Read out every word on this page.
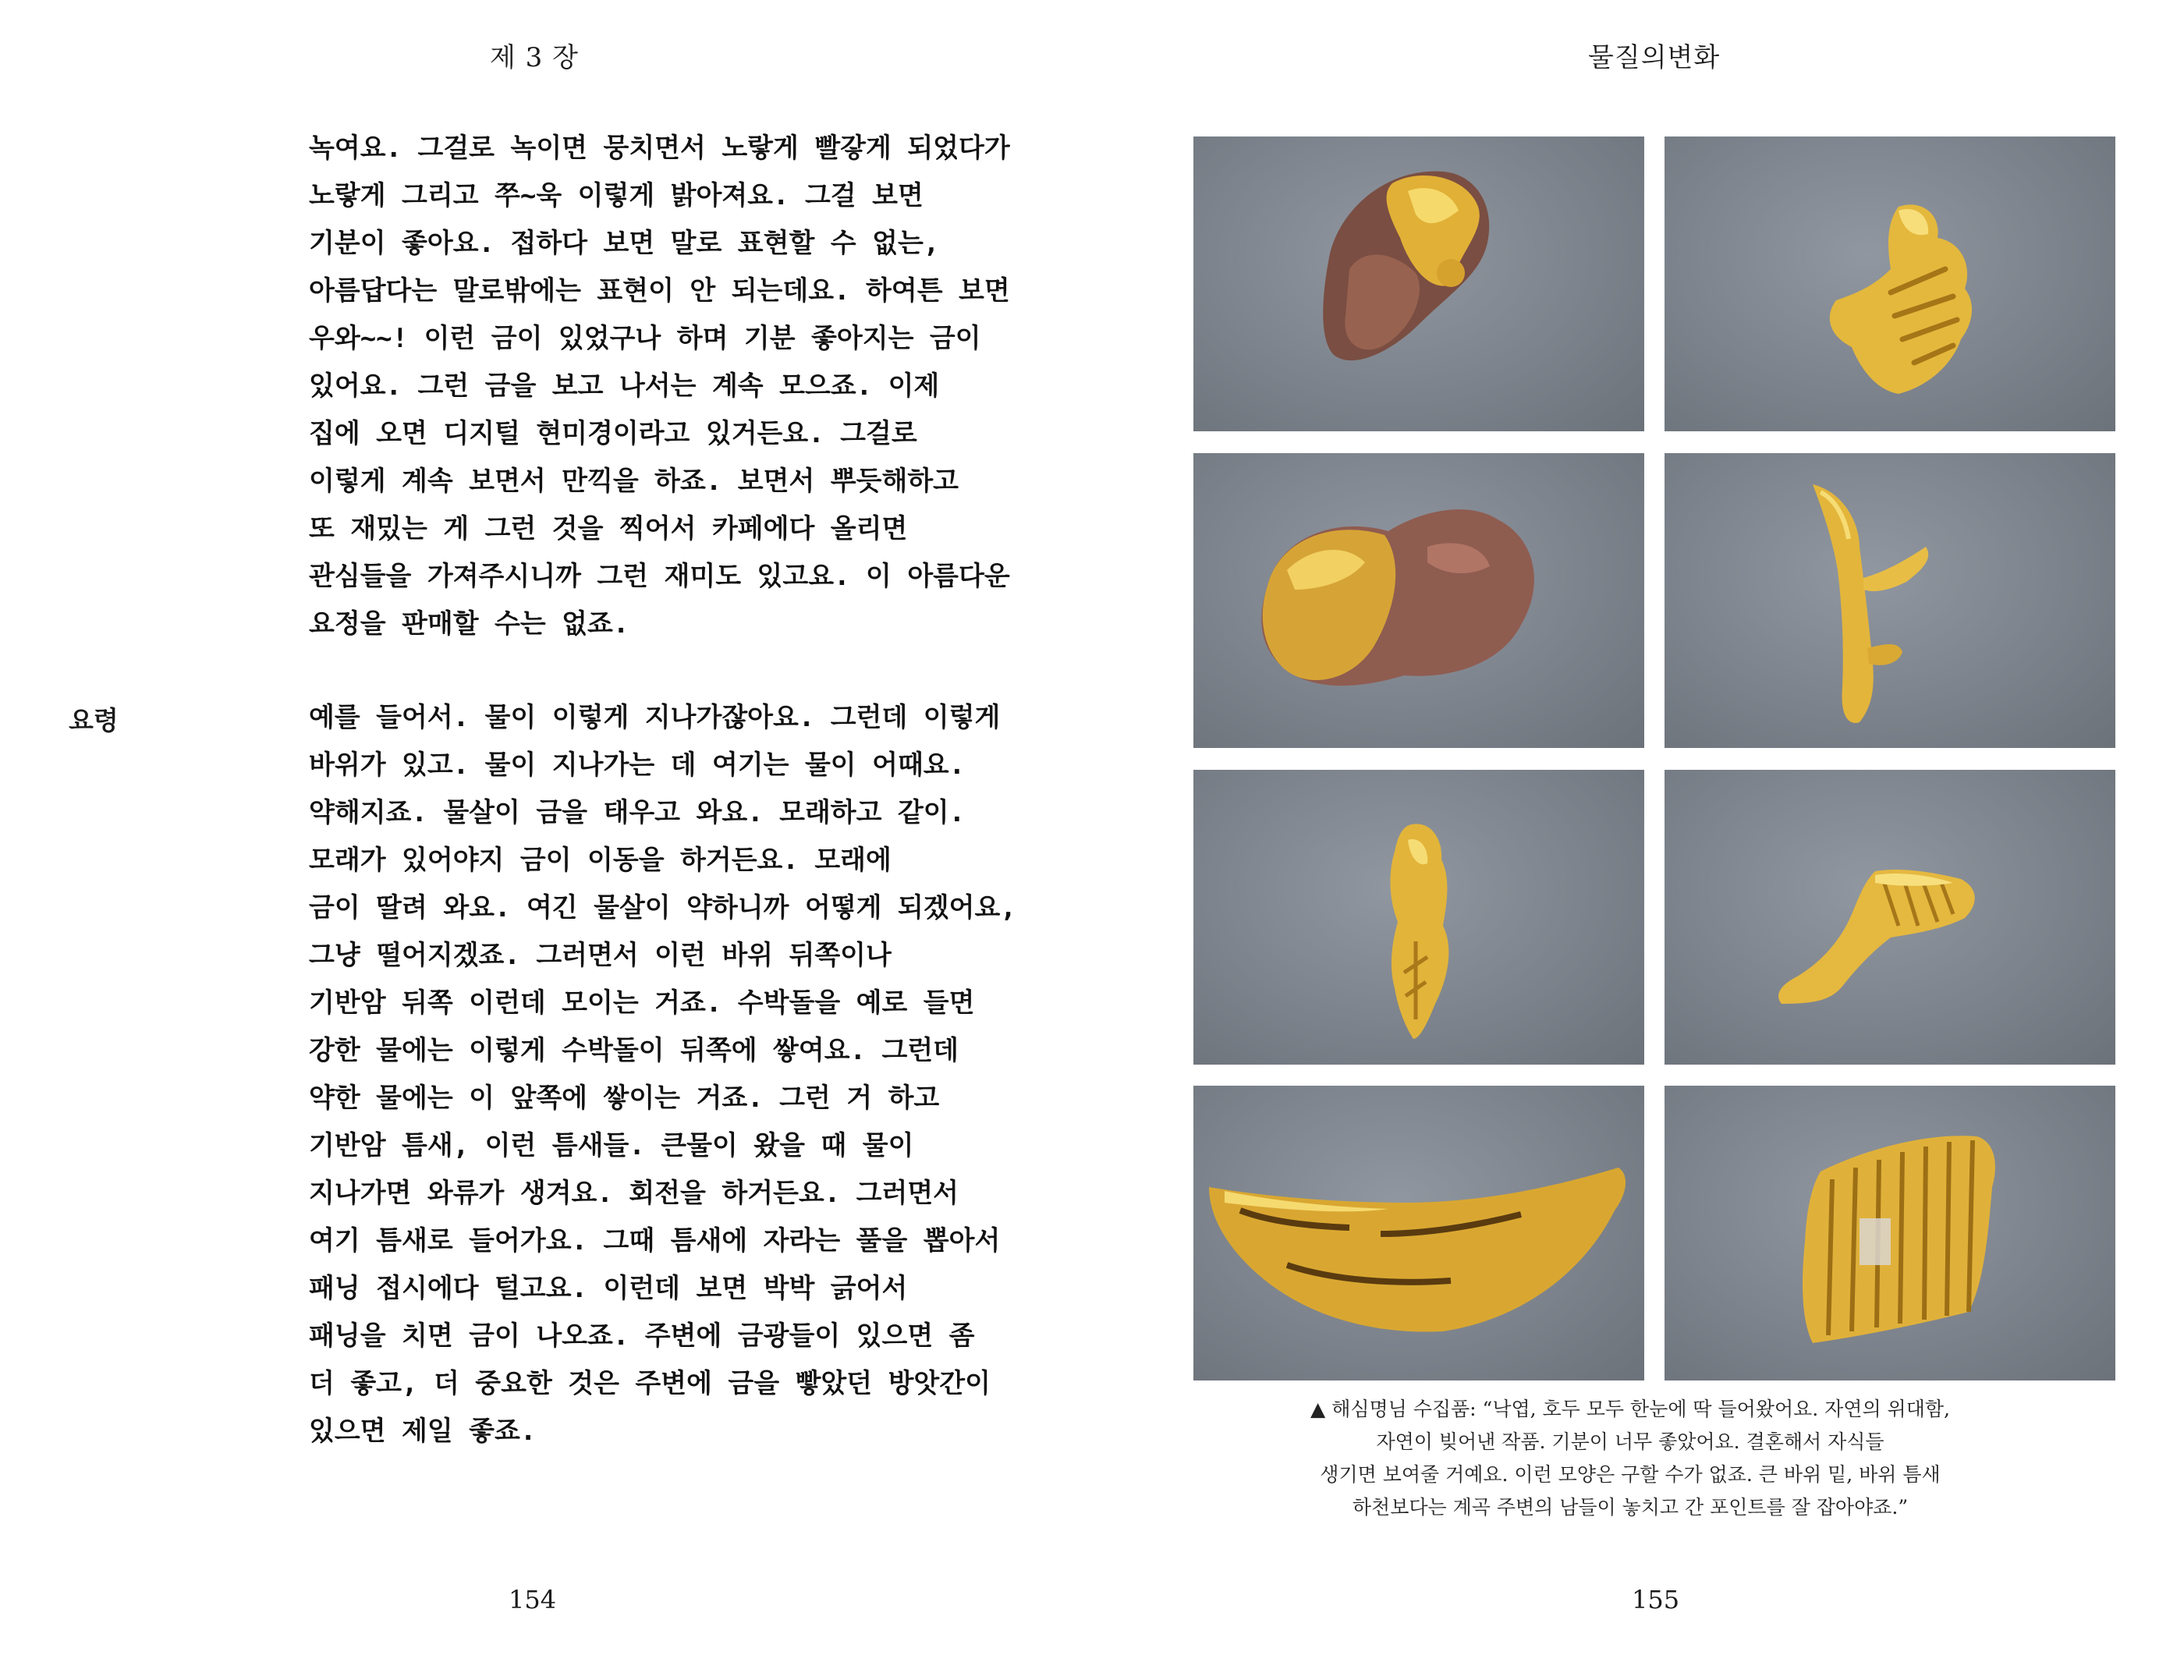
제 3 장
녹여요. 그걸로 녹이면 뭉치면서 노랗게 빨갛게 되었다가
노랗게 그리고 쭈~욱 이렇게 밝아져요. 그걸 보면
기분이 좋아요. 접하다 보면 말로 표현할 수 없는,
아름답다는 말로밖에는 표현이 안 되는데요. 하여튼 보면
우와~~! 이런 금이 있었구나 하며 기분 좋아지는 금이
있어요. 그런 금을 보고 나서는 계속 모으죠. 이제
집에 오면 디지털 현미경이라고 있거든요. 그걸로
이렇게 계속 보면서 만끽을 하죠. 보면서 뿌듯해하고
또 재밌는 게 그런 것을 찍어서 카페에다 올리면
관심들을 가져주시니까 그런 재미도 있고요. 이 아름다운
요정을 판매할 수는 없죠.
요령	예를 들어서. 물이 이렇게 지나가잖아요. 그런데 이렇게
바위가 있고. 물이 지나가는 데 여기는 물이 어때요.
약해지죠. 물살이 금을 태우고 와요. 모래하고 같이.
모래가 있어야지 금이 이동을 하거든요. 모래에
금이 딸려 와요. 여긴 물살이 약하니까 어떻게 되겠어요,
그냥 떨어지겠죠. 그러면서 이런 바위 뒤쪽이나
기반암 뒤쪽 이런데 모이는 거죠. 수박돌을 예로 들면
강한 물에는 이렇게 수박돌이 뒤쪽에 쌓여요. 그런데
약한 물에는 이 앞쪽에 쌓이는 거죠. 그런 거 하고
기반암 틈새, 이런 틈새들. 큰물이 왔을 때 물이
지나가면 와류가 생겨요. 회전을 하거든요. 그러면서
여기 틈새로 들어가요. 그때 틈새에 자라는 풀을 뽑아서
패닝 접시에다 털고요. 이런데 보면 박박 긁어서
패닝을 치면 금이 나오죠. 주변에 금광들이 있으면 좀
더 좋고, 더 중요한 것은 주변에 금을 빻았던 방앗간이
있으면 제일 좋죠.
154
물질의변화
▲ 해심명님 수집품: “낙엽, 호두 모두 한눈에 딱 들어왔어요. 자연의 위대함,
자연이 빚어낸 작품. 기분이 너무 좋았어요. 결혼해서 자식들
생기면 보여줄 거예요. 이런 모양은 구할 수가 없죠. 큰 바위 밑, 바위 틈새
하천보다는 계곡 주변의 남들이 놓치고 간 포인트를 잘 잡아야죠.”
155
